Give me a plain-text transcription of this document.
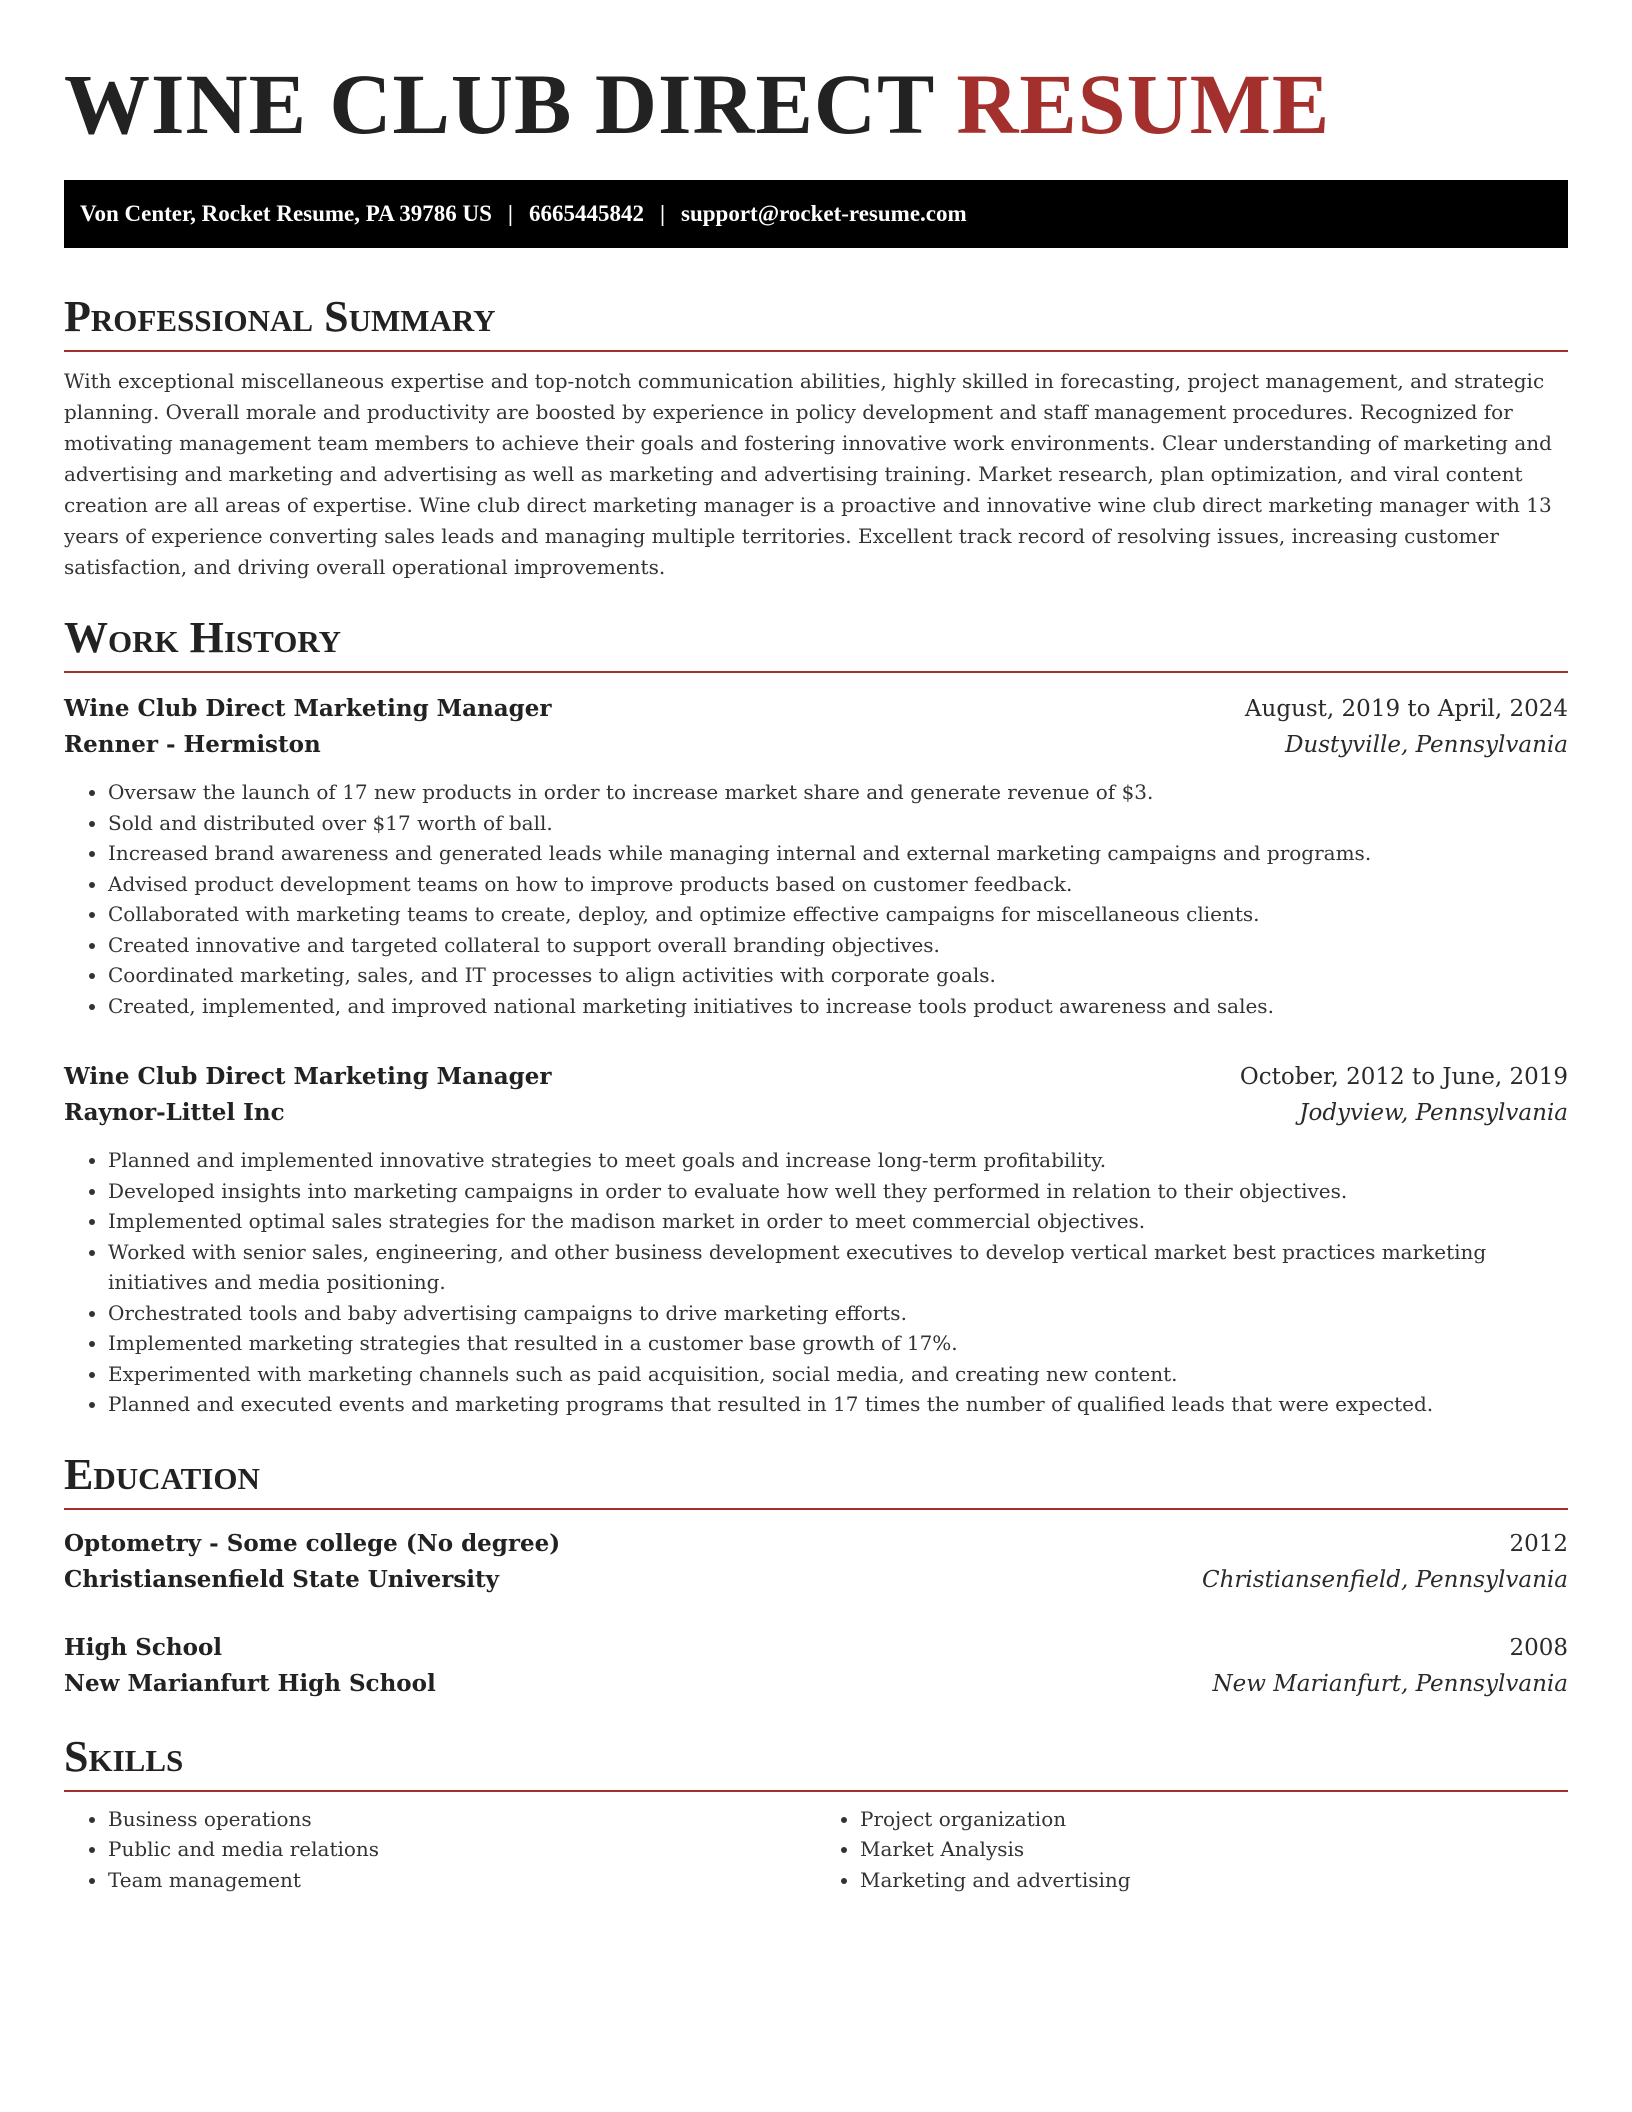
WINE CLUB DIRECT RESUME
Von Center, Rocket Resume, PA 39786 US | 6665445842 | support@rocket-resume.com
Professional Summary
With exceptional miscellaneous expertise and top-notch communication abilities, highly skilled in forecasting, project management, and strategic planning. Overall morale and productivity are boosted by experience in policy development and staff management procedures. Recognized for motivating management team members to achieve their goals and fostering innovative work environments. Clear understanding of marketing and advertising and marketing and advertising as well as marketing and advertising training. Market research, plan optimization, and viral content creation are all areas of expertise. Wine club direct marketing manager is a proactive and innovative wine club direct marketing manager with 13 years of experience converting sales leads and managing multiple territories. Excellent track record of resolving issues, increasing customer satisfaction, and driving overall operational improvements.
Work History
Wine Club Direct Marketing Manager	August, 2019 to April, 2024
Renner - Hermiston	Dustyville, Pennsylvania
• Oversaw the launch of 17 new products in order to increase market share and generate revenue of $3.
• Sold and distributed over $17 worth of ball.
• Increased brand awareness and generated leads while managing internal and external marketing campaigns and programs.
• Advised product development teams on how to improve products based on customer feedback.
• Collaborated with marketing teams to create, deploy, and optimize effective campaigns for miscellaneous clients.
• Created innovative and targeted collateral to support overall branding objectives.
• Coordinated marketing, sales, and IT processes to align activities with corporate goals.
• Created, implemented, and improved national marketing initiatives to increase tools product awareness and sales.
Wine Club Direct Marketing Manager	October, 2012 to June, 2019
Raynor-Littel Inc	Jodyview, Pennsylvania
• Planned and implemented innovative strategies to meet goals and increase long-term profitability.
• Developed insights into marketing campaigns in order to evaluate how well they performed in relation to their objectives.
• Implemented optimal sales strategies for the madison market in order to meet commercial objectives.
• Worked with senior sales, engineering, and other business development executives to develop vertical market best practices marketing initiatives and media positioning.
• Orchestrated tools and baby advertising campaigns to drive marketing efforts.
• Implemented marketing strategies that resulted in a customer base growth of 17%.
• Experimented with marketing channels such as paid acquisition, social media, and creating new content.
• Planned and executed events and marketing programs that resulted in 17 times the number of qualified leads that were expected.
Education
Optometry - Some college (No degree)	2012
Christiansenfield State University	Christiansenfield, Pennsylvania
High School	2008
New Marianfurt High School	New Marianfurt, Pennsylvania
Skills
• Business operations
• Public and media relations
• Team management
• Project organization
• Market Analysis
• Marketing and advertising
